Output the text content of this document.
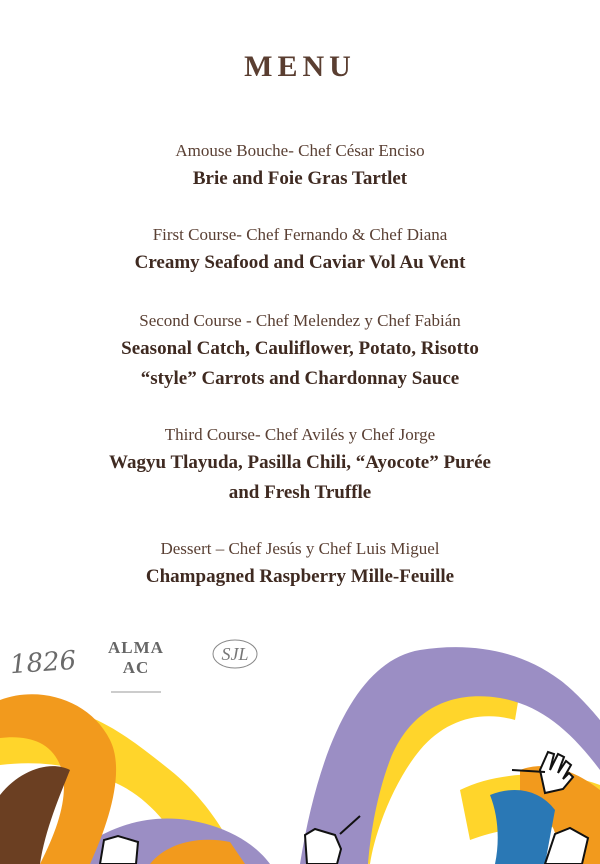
MENU
Amouse Bouche- Chef César Enciso
Brie and Foie Gras Tartlet
First Course- Chef Fernando & Chef Diana
Creamy Seafood and Caviar Vol Au Vent
Second Course - Chef Melendez y Chef Fabián
Seasonal Catch, Cauliflower, Potato, Risotto
“style” Carrots and Chardonnay Sauce
Third Course- Chef Avilés y Chef Jorge
Wagyu Tlayuda, Pasilla Chili, “Ayocote” Purée
and Fresh Truffle
Dessert – Chef Jesús y Chef Luis Miguel
Champagned Raspberry Mille-Feuille
1826	ALMA AC
SJL
